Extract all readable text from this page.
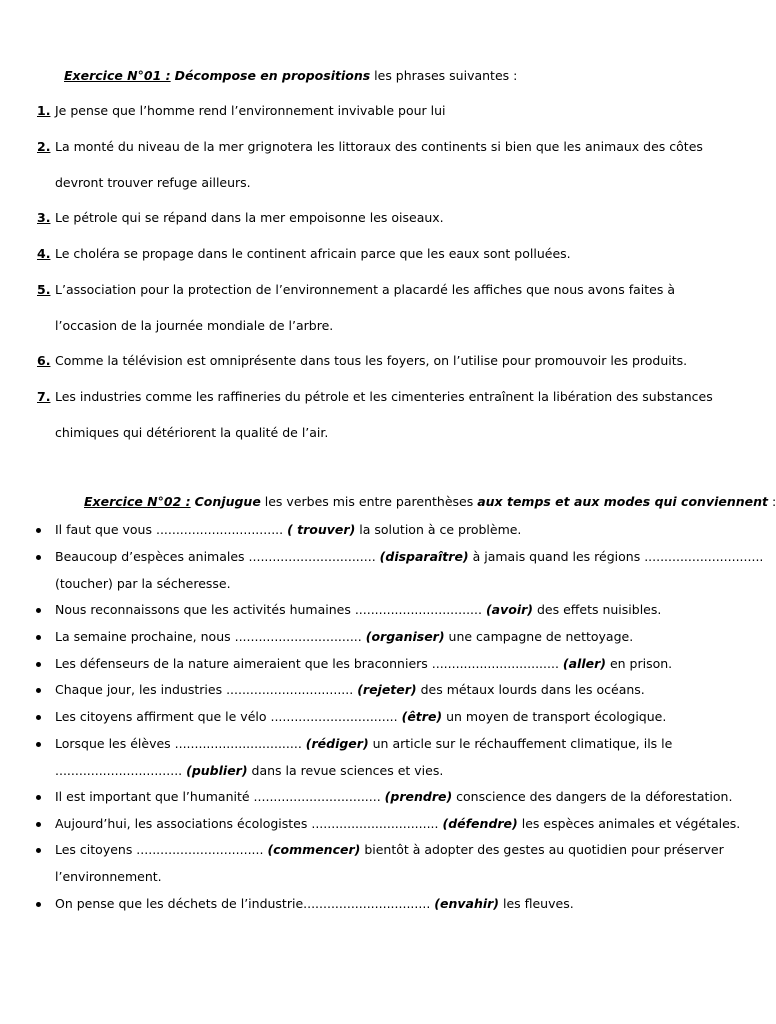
Exercice N°01 : Décompose en propositions les phrases suivantes :
1. Je pense que l’homme rend l’environnement invivable pour lui
2. La monté du niveau de la mer grignotera les littoraux des continents si bien que les animaux des côtes
devront trouver refuge ailleurs.
3. Le pétrole qui se répand dans la mer empoisonne les oiseaux.
4. Le choléra se propage dans le continent africain parce que les eaux sont polluées.
5. L’association pour la protection de l’environnement a placardé les affiches que nous avons faites à
l’occasion de la journée mondiale de l’arbre.
6. Comme la télévision est omniprésente dans tous les foyers, on l’utilise pour promouvoir les produits.
7. Les industries comme les raffineries du pétrole et les cimenteries entraînent la libération des substances
chimiques qui détériorent la qualité de l’air.
Exercice N°02 : Conjugue les verbes mis entre parenthèses aux temps et aux modes qui conviennent :
Il faut que vous ................................ ( trouver) la solution à ce problème.
Beaucoup d’espèces animales ................................ (disparaître) à jamais quand les régions ..............................
(toucher) par la sécheresse.
Nous reconnaissons que les activités humaines ................................ (avoir) des effets nuisibles.
La semaine prochaine, nous ................................ (organiser) une campagne de nettoyage.
Les défenseurs de la nature aimeraient que les braconniers ................................ (aller) en prison.
Chaque jour, les industries ................................ (rejeter) des métaux lourds dans les océans.
Les citoyens affirment que le vélo ................................ (être) un moyen de transport écologique.
Lorsque les élèves ................................ (rédiger) un article sur le réchauffement climatique, ils le
................................ (publier) dans la revue sciences et vies.
Il est important que l’humanité ................................ (prendre) conscience des dangers de la déforestation.
Aujourd’hui, les associations écologistes ................................ (défendre) les espèces animales et végétales.
Les citoyens ................................ (commencer) bientôt à adopter des gestes au quotidien pour préserver
l’environnement.
On pense que les déchets de l’industrie................................ (envahir) les fleuves.
